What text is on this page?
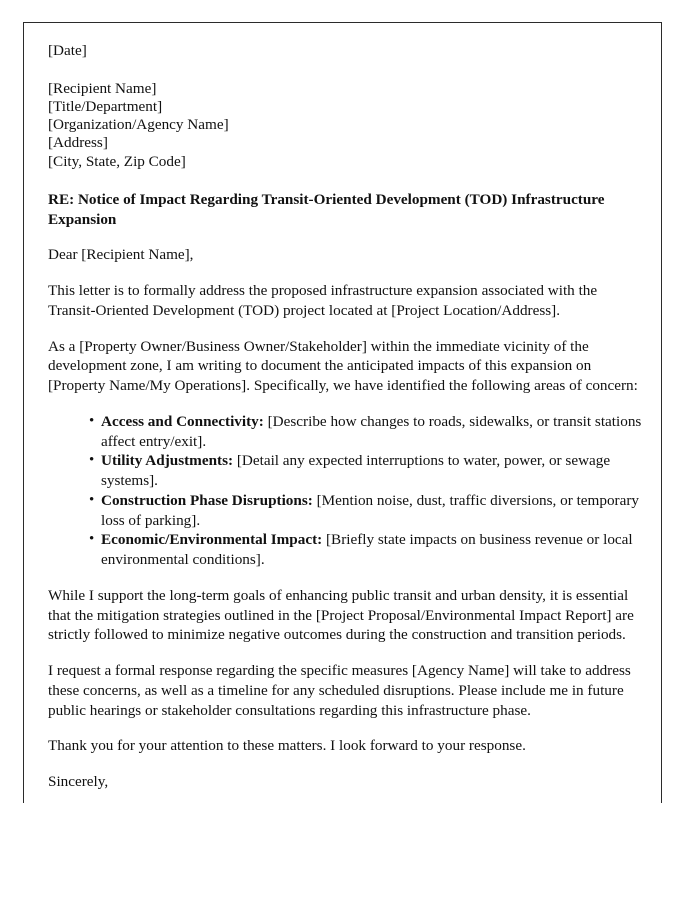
[Date]
[Recipient Name]
[Title/Department]
[Organization/Agency Name]
[Address]
[City, State, Zip Code]

RE: Notice of Impact Regarding Transit-Oriented Development (TOD) Infrastructure Expansion

Dear [Recipient Name],

This letter is to formally address the proposed infrastructure expansion associated with the Transit-Oriented Development (TOD) project located at [Project Location/Address].

As a [Property Owner/Business Owner/Stakeholder] within the immediate vicinity of the development zone, I am writing to document the anticipated impacts of this expansion on [Property Name/My Operations]. Specifically, we have identified the following areas of concern:

• Access and Connectivity: [Describe how changes to roads, sidewalks, or transit stations affect entry/exit].
• Utility Adjustments: [Detail any expected interruptions to water, power, or sewage systems].
• Construction Phase Disruptions: [Mention noise, dust, traffic diversions, or temporary loss of parking].
• Economic/Environmental Impact: [Briefly state impacts on business revenue or local environmental conditions].

While I support the long-term goals of enhancing public transit and urban density, it is essential that the mitigation strategies outlined in the [Project Proposal/Environmental Impact Report] are strictly followed to minimize negative outcomes during the construction and transition periods.

I request a formal response regarding the specific measures [Agency Name] will take to address these concerns, as well as a timeline for any scheduled disruptions. Please include me in future public hearings or stakeholder consultations regarding this infrastructure phase.

Thank you for your attention to these matters. I look forward to your response.

Sincerely,
